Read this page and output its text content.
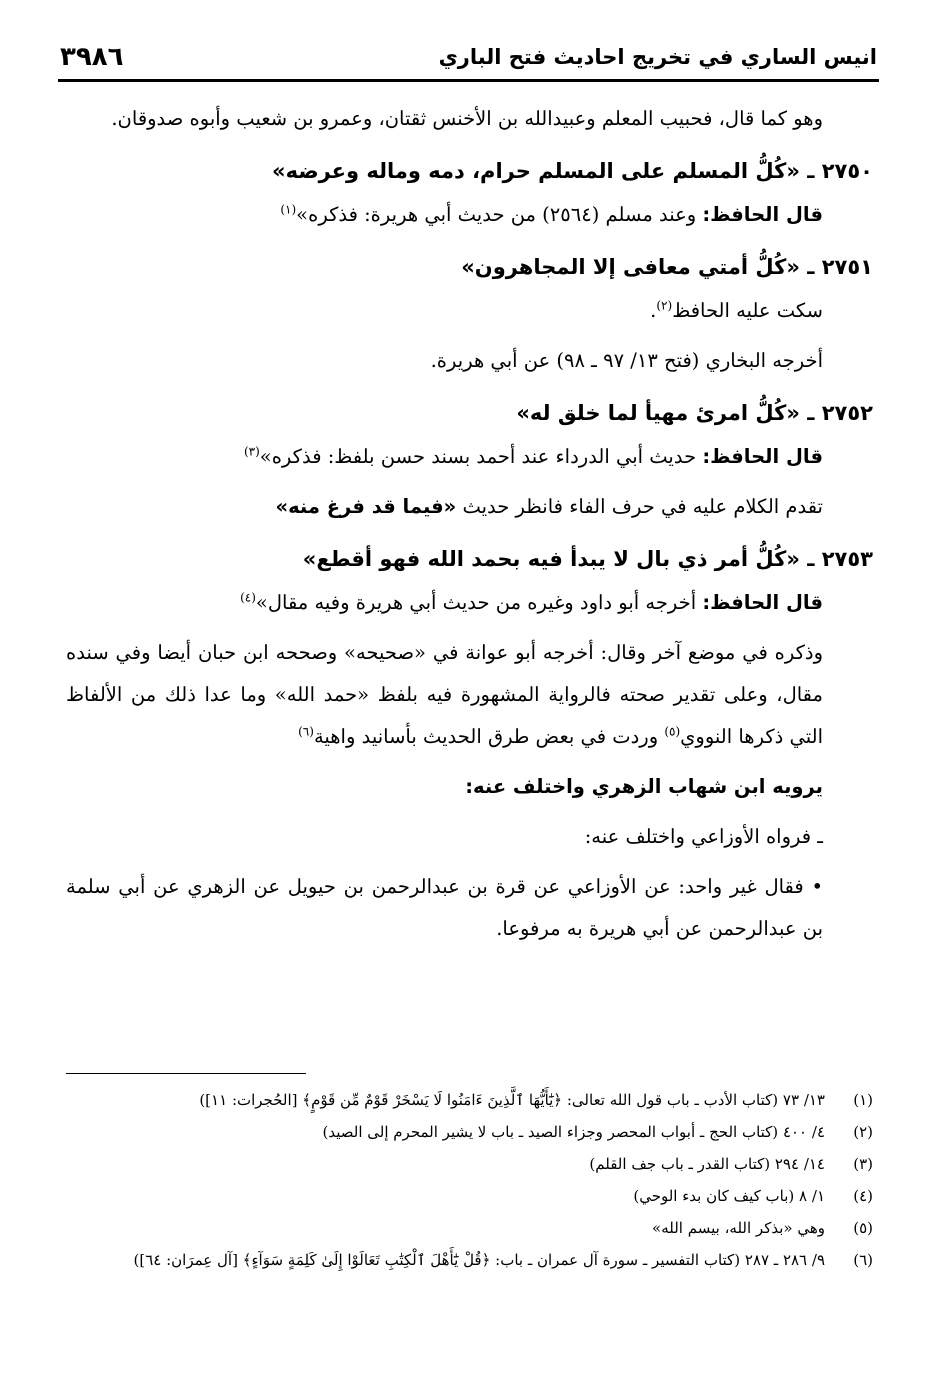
انيس الساري في تخريج احاديث فتح الباري
٣٩٨٦

وهو كما قال، فحبيب المعلم وعبيدالله بن الأخنس ثقتان، وعمرو بن شعيب وأبوه صدوقان.

٢٧٥٠ ـ «كُلُّ المسلم على المسلم حرام، دمه وماله وعرضه»

قال الحافظ: وعند مسلم (٢٥٦٤) من حديث أبي هريرة: فذكره»$^{(١)}$

٢٧٥١ ـ «كُلُّ أمتي معافى إلا المجاهرون»

سكت عليه الحافظ$^{(٢)}$.

أخرجه البخاري (فتح ١٣/ ٩٧ ـ ٩٨) عن أبي هريرة.

٢٧٥٢ ـ «كُلُّ امرئ مهيأ لما خلق له»

قال الحافظ: حديث أبي الدرداء عند أحمد بسند حسن بلفظ: فذكره»$^{(٣)}$

تقدم الكلام عليه في حرف الفاء فانظر حديث «فيما قد فرغ منه»

٢٧٥٣ ـ «كُلُّ أمر ذي بال لا يبدأ فيه بحمد الله فهو أقطع»

قال الحافظ: أخرجه أبو داود وغيره من حديث أبي هريرة وفيه مقال»$^{(٤)}$

وذكره في موضع آخر وقال: أخرجه أبو عوانة في «صحيحه» وصححه ابن حبان أيضا وفي سنده مقال، وعلى تقدير صحته فالرواية المشهورة فيه بلفظ «حمد الله» وما عدا ذلك من الألفاظ التي ذكرها النووي$^{(٥)}$ وردت في بعض طرق الحديث بأسانيد واهية$^{(٦)}$

يرويه ابن شهاب الزهري واختلف عنه:

ـ فرواه الأوزاعي واختلف عنه:

• فقال غير واحد: عن الأوزاعي عن قرة بن عبدالرحمن بن حيويل عن الزهري عن أبي سلمة بن عبدالرحمن عن أبي هريرة به مرفوعا.

(١)
١٣/ ٧٣ (كتاب الأدب ـ باب قول الله تعالى: ﴿يَٰٓأَيُّهَا ٱلَّذِينَ ءَامَنُوا لَا يَسْخَرْ قَوْمٌ مِّن قَوْمٍ﴾ [الحُجرات: ١١])
(٢)
٤/ ٤٠٠ (كتاب الحج ـ أبواب المحصر وجزاء الصيد ـ باب لا يشير المحرم إلى الصيد)
(٣)
١٤/ ٢٩٤ (كتاب القدر ـ باب جف القلم)
(٤)
١/ ٨ (باب كيف كان بدء الوحي)
(٥)
وهي «بذكر الله، بيسم الله»
(٦)
٩/ ٢٨٦ ـ ٢٨٧ (كتاب التفسير ـ سورة آل عمران ـ باب: ﴿قُلْ يَٰٓأَهْلَ ٱلْكِتَٰبِ تَعَالَوْا إِلَىٰ كَلِمَةٍ سَوَآءٍ﴾ [آل عِمرَان: ٦٤])
